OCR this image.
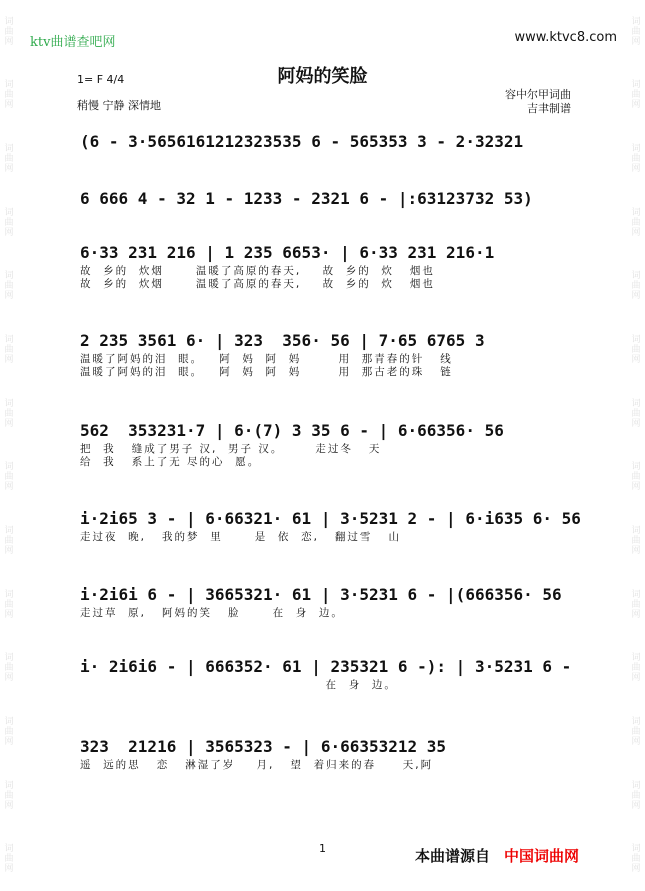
词曲网
词曲网
词曲网
词曲网
词曲网
词曲网
词曲网
词曲网
词曲网
词曲网
词曲网
词曲网
词曲网
词曲网
词曲网
词曲网
词曲网
词曲网
词曲网
词曲网
词曲网
词曲网
词曲网
词曲网
词曲网
词曲网
词曲网
词曲网
ktv曲谱查吧网	www.ktvc8.com
阿妈的笑脸
1= F 4/4
稍慢 宁静 深情地
容中尔甲词曲
吉聿制谱
(6 - 3·5656161212323535 6 - 565353 3 - 2·32321
6 666 4 - 32 1 - 1233 - 2321 6 - |:63123732 53)
6·33 231 216 | 1 235 6653· | 6·33 231 216·1
故  乡的  炊烟      温暖了高原的春天,    故  乡的  炊   烟也
故  乡的  炊烟      温暖了高原的春天,    故  乡的  炊   烟也
2 235 3561 6· | 323  356· 56 | 7·65 6765 3
温暖了阿妈的泪  眼。   阿  妈  阿  妈       用  那青春的针   线
温暖了阿妈的泪  眼。   阿  妈  阿  妈       用  那古老的珠   链
562  353231·7 | 6·(7) 3 35 6 - | 6·66356· 56
把  我   缝成了男子 汉,  男子 汉。      走过冬   天
给  我   系上了无 尽的心  愿。
i·2i65 3 - | 6·66321· 61 | 3·5231 2 - | 6·i635 6· 56
走过夜  晚,   我的梦  里      是  依  恋,   翻过雪   山
i·2i6i 6 - | 3665321· 61 | 3·5231 6 - |(666356· 56
走过草  原,   阿妈的笑   脸      在  身  边。
i· 2i6i6 - | 666352· 61 | 235321 6 -): | 3·5231 6 -
在  身  边。
323  21216 | 3565323 - | 6·66353212 35
遥  远的思   恋   淋湿了岁    月,   望  着归来的春     天,阿
1	本曲谱源自 中国词曲网
